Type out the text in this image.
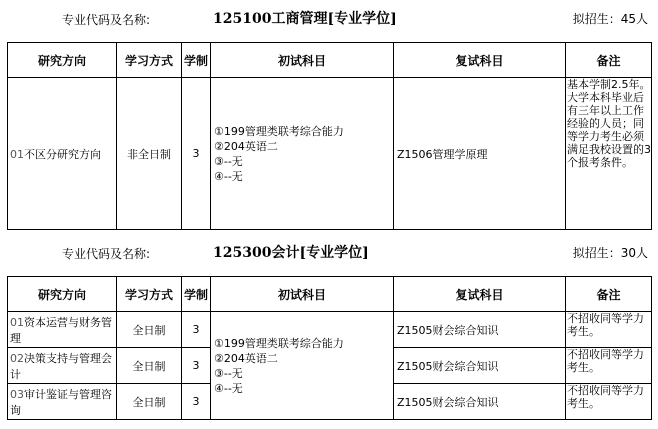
专业代码及名称:	125100工商管理[专业学位]	拟招生：45人
研究方向	学习方式	学制	初试科目	复试科目	备注
01不区分研究方向	非全日制	3	①199管理类联考综合能力
②204英语二
③--无
④--无	Z1506管理学原理	基本学制2.5年。大学本科毕业后有三年以上工作经验的人员；同等学力考生必须满足我校设置的3个报考条件。
专业代码及名称:	125300会计[专业学位]	拟招生：30人
研究方向	学习方式	学制	初试科目	复试科目	备注
01资本运营与财务管理	全日制	3	①199管理类联考综合能力
②204英语二
③--无
④--无	Z1505财会综合知识	不招收同等学力考生。
02决策支持与管理会计	全日制	3		Z1505财会综合知识	不招收同等学力考生。
03审计鉴证与管理咨询	全日制	3		Z1505财会综合知识	不招收同等学力考生。
